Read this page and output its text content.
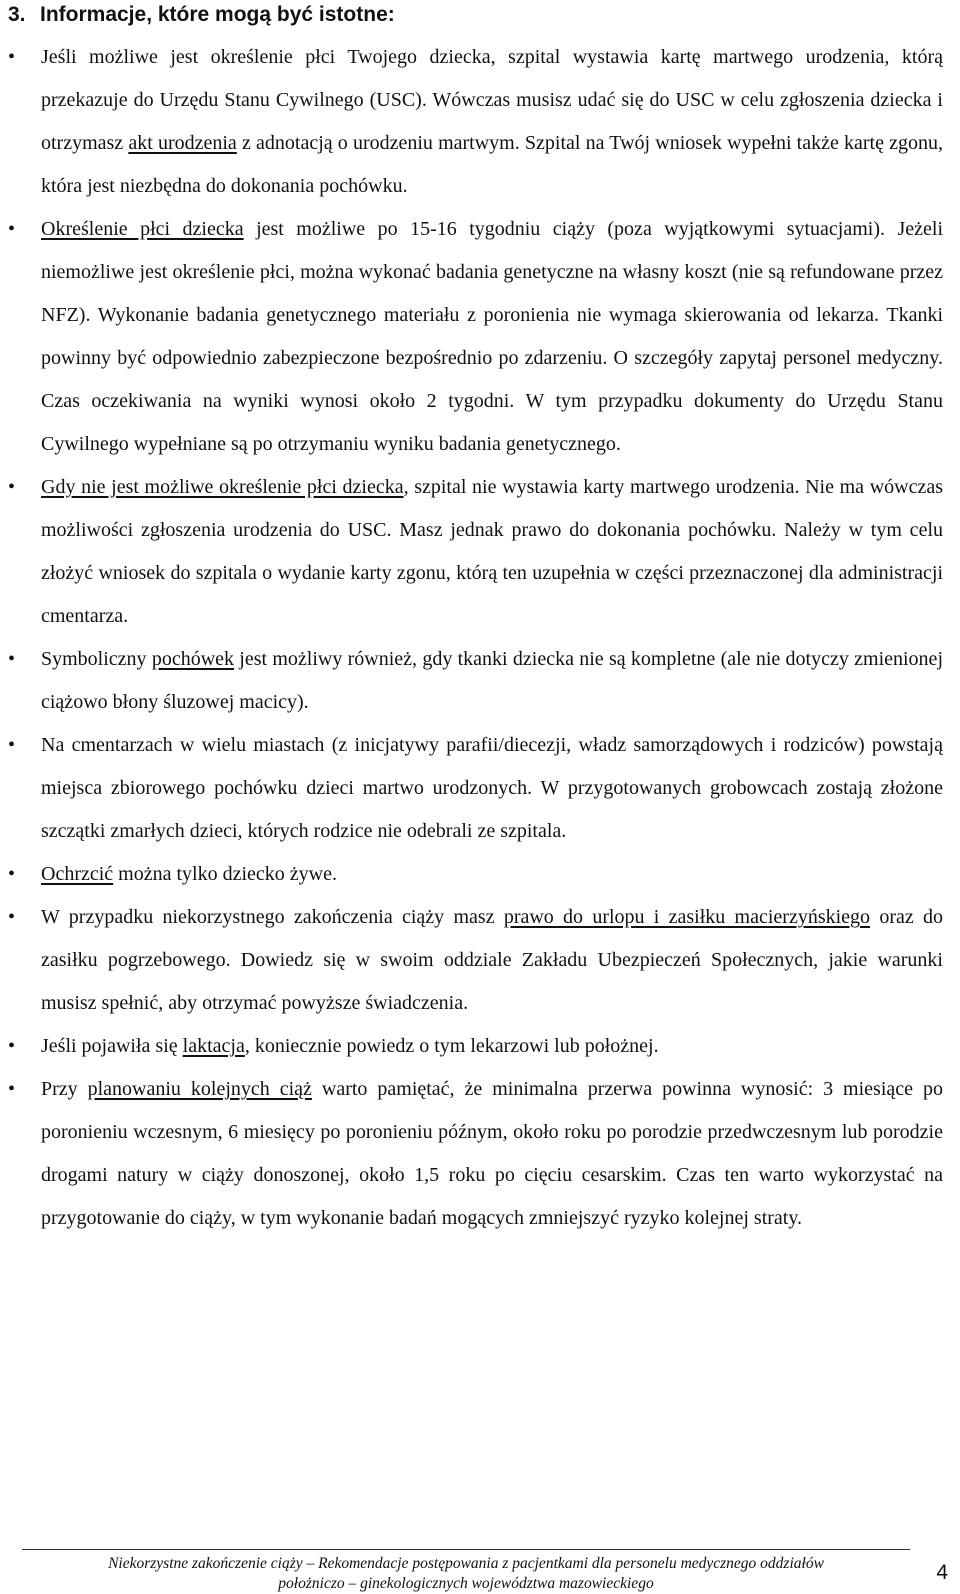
3. Informacje, które mogą być istotne:
• Jeśli możliwe jest określenie płci Twojego dziecka, szpital wystawia kartę martwego urodzenia, którą przekazuje do Urzędu Stanu Cywilnego (USC). Wówczas musisz udać się do USC w celu zgłoszenia dziecka i otrzymasz akt urodzenia z adnotacją o urodzeniu martwym. Szpital na Twój wniosek wypełni także kartę zgonu, która jest niezbędna do dokonania pochówku.
• Określenie płci dziecka jest możliwe po 15-16 tygodniu ciąży (poza wyjątkowymi sytuacjami). Jeżeli niemożliwe jest określenie płci, można wykonać badania genetyczne na własny koszt (nie są refundowane przez NFZ). Wykonanie badania genetycznego materiału z poronienia nie wymaga skierowania od lekarza. Tkanki powinny być odpowiednio zabezpieczone bezpośrednio po zdarzeniu. O szczegóły zapytaj personel medyczny. Czas oczekiwania na wyniki wynosi około 2 tygodni. W tym przypadku dokumenty do Urzędu Stanu Cywilnego wypełniane są po otrzymaniu wyniku badania genetycznego.
• Gdy nie jest możliwe określenie płci dziecka, szpital nie wystawia karty martwego urodzenia. Nie ma wówczas możliwości zgłoszenia urodzenia do USC. Masz jednak prawo do dokonania pochówku. Należy w tym celu złożyć wniosek do szpitala o wydanie karty zgonu, którą ten uzupełnia w części przeznaczonej dla administracji cmentarza.
• Symboliczny pochówek jest możliwy również, gdy tkanki dziecka nie są kompletne (ale nie dotyczy zmienionej ciążowo błony śluzowej macicy).
• Na cmentarzach w wielu miastach (z inicjatywy parafii/diecezji, władz samorządowych i rodziców) powstają miejsca zbiorowego pochówku dzieci martwo urodzonych. W przygotowanych grobowcach zostają złożone szczątki zmarłych dzieci, których rodzice nie odebrali ze szpitala.
• Ochrzcić można tylko dziecko żywe.
• W przypadku niekorzystnego zakończenia ciąży masz prawo do urlopu i zasiłku macierzyńskiego oraz do zasiłku pogrzebowego. Dowiedz się w swoim oddziale Zakładu Ubezpieczeń Społecznych, jakie warunki musisz spełnić, aby otrzymać powyższe świadczenia.
• Jeśli pojawiła się laktacja, koniecznie powiedz o tym lekarzowi lub położnej.
• Przy planowaniu kolejnych ciąż warto pamiętać, że minimalna przerwa powinna wynosić: 3 miesiące po poronieniu wczesnym, 6 miesięcy po poronieniu późnym, około roku po porodzie przedwczesnym lub porodzie drogami natury w ciąży donoszonej, około 1,5 roku po cięciu cesarskim. Czas ten warto wykorzystać na przygotowanie do ciąży, w tym wykonanie badań mogących zmniejszyć ryzyko kolejnej straty.
Niekorzystne zakończenie ciąży – Rekomendacje postępowania z pacjentkami dla personelu medycznego oddziałów
położniczo – ginekologicznych województwa mazowieckiego	4
